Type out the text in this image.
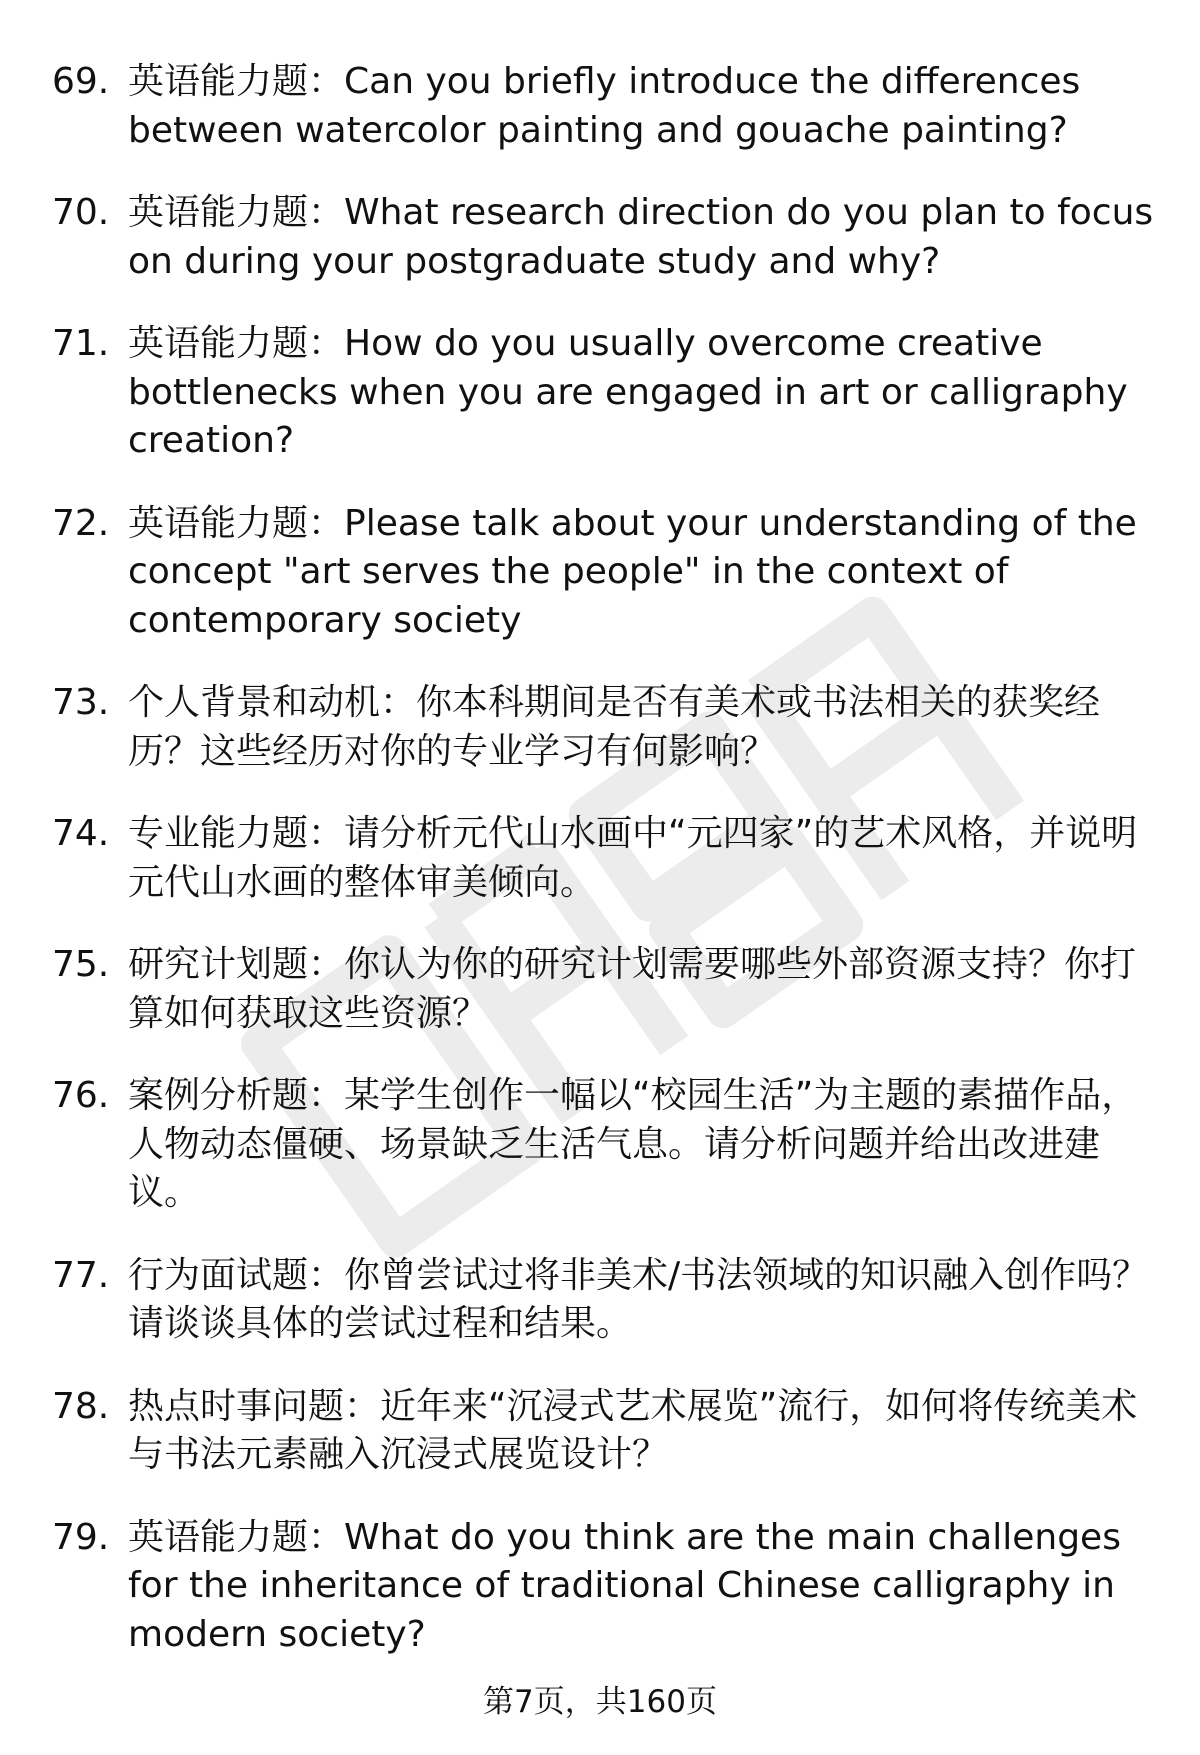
69. 英语能力题：Can you briefly introduce the differences between watercolor painting and gouache painting?
70. 英语能力题：What research direction do you plan to focus on during your postgraduate study and why?
71. 英语能力题：How do you usually overcome creative bottlenecks when you are engaged in art or calligraphy creation?
72. 英语能力题：Please talk about your understanding of the concept "art serves the people" in the context of contemporary society
73. 个人背景和动机：你本科期间是否有美术或书法相关的获奖经历？这些经历对你的专业学习有何影响？
74. 专业能力题：请分析元代山水画中“元四家”的艺术风格，并说明元代山水画的整体审美倾向。
75. 研究计划题：你认为你的研究计划需要哪些外部资源支持？你打算如何获取这些资源？
76. 案例分析题：某学生创作一幅以“校园生活”为主题的素描作品，人物动态僵硬、场景缺乏生活气息。请分析问题并给出改进建议。
77. 行为面试题：你曾尝试过将非美术/书法领域的知识融入创作吗？请谈谈具体的尝试过程和结果。
78. 热点时事问题：近年来“沉浸式艺术展览”流行，如何将传统美术与书法元素融入沉浸式展览设计？
79. 英语能力题：What do you think are the main challenges for the inheritance of traditional Chinese calligraphy in modern society?
第7页，共160页
